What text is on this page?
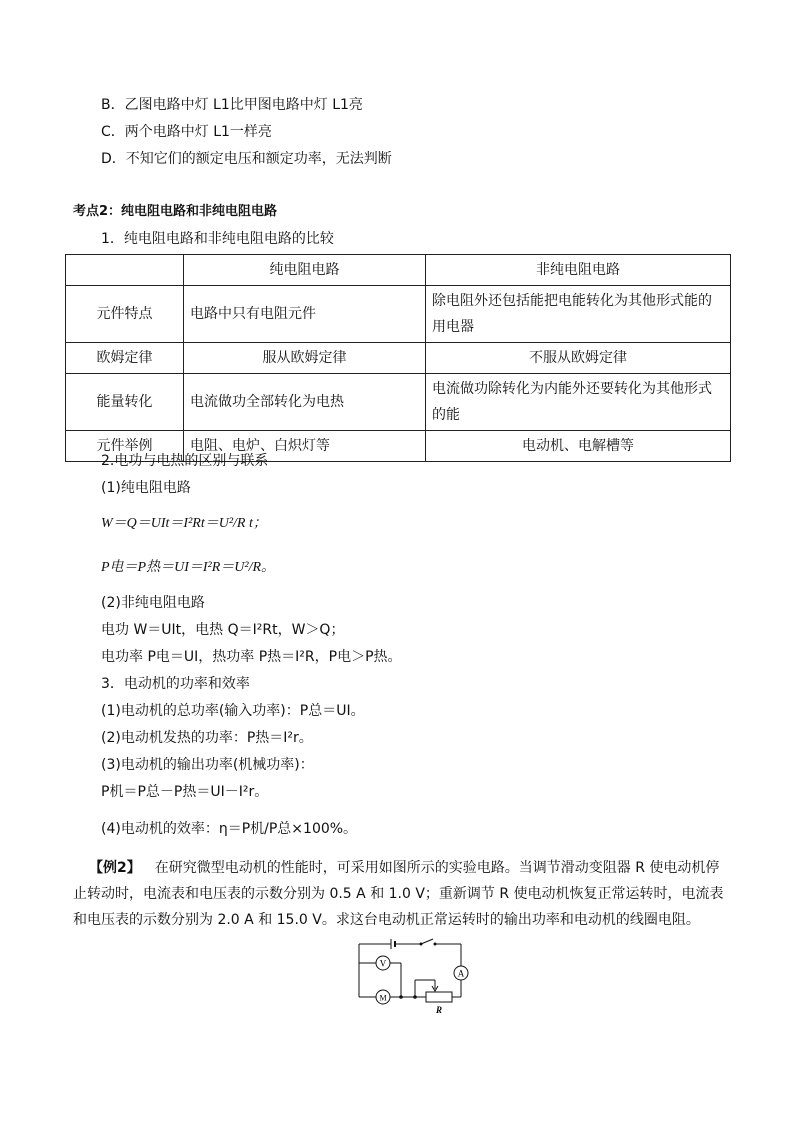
B．乙图电路中灯 L1比甲图电路中灯 L1亮
C．两个电路中灯 L1一样亮
D．不知它们的额定电压和额定功率，无法判断
考点2：纯电阻电路和非纯电阻电路
1．纯电阻电路和非纯电阻电路的比较
	纯电阻电路	非纯电阻电路
元件特点	电路中只有电阻元件	除电阻外还包括能把电能转化为其他形式能的用电器
欧姆定律	服从欧姆定律	不服从欧姆定律
能量转化	电流做功全部转化为电热	电流做功除转化为内能外还要转化为其他形式的能
元件举例	电阻、电炉、白炽灯等	电动机、电解槽等
2.电功与电热的区别与联系
(1)纯电阻电路
W＝Q＝UIt＝I²Rt＝U²/R t；
P电＝P热＝UI＝I²R＝U²/R。
(2)非纯电阻电路
电功 W＝UIt，电热 Q＝I²Rt，W＞Q；
电功率 P电＝UI，热功率 P热＝I²R，P电＞P热。
3．电动机的功率和效率
(1)电动机的总功率(输入功率)：P总＝UI。
(2)电动机发热的功率：P热＝I²r。
(3)电动机的输出功率(机械功率)：
P机＝P总－P热＝UI－I²r。
(4)电动机的效率：η＝P机/P总×100%。
【例2】 在研究微型电动机的性能时，可采用如图所示的实验电路。当调节滑动变阻器 R 使电动机停止转动时，电流表和电压表的示数分别为 0.5 A 和 1.0 V；重新调节 R 使电动机恢复正常运转时，电流表和电压表的示数分别为 2.0 A 和 15.0 V。求这台电动机正常运转时的输出功率和电动机的线圈电阻。
V
M
A
R
